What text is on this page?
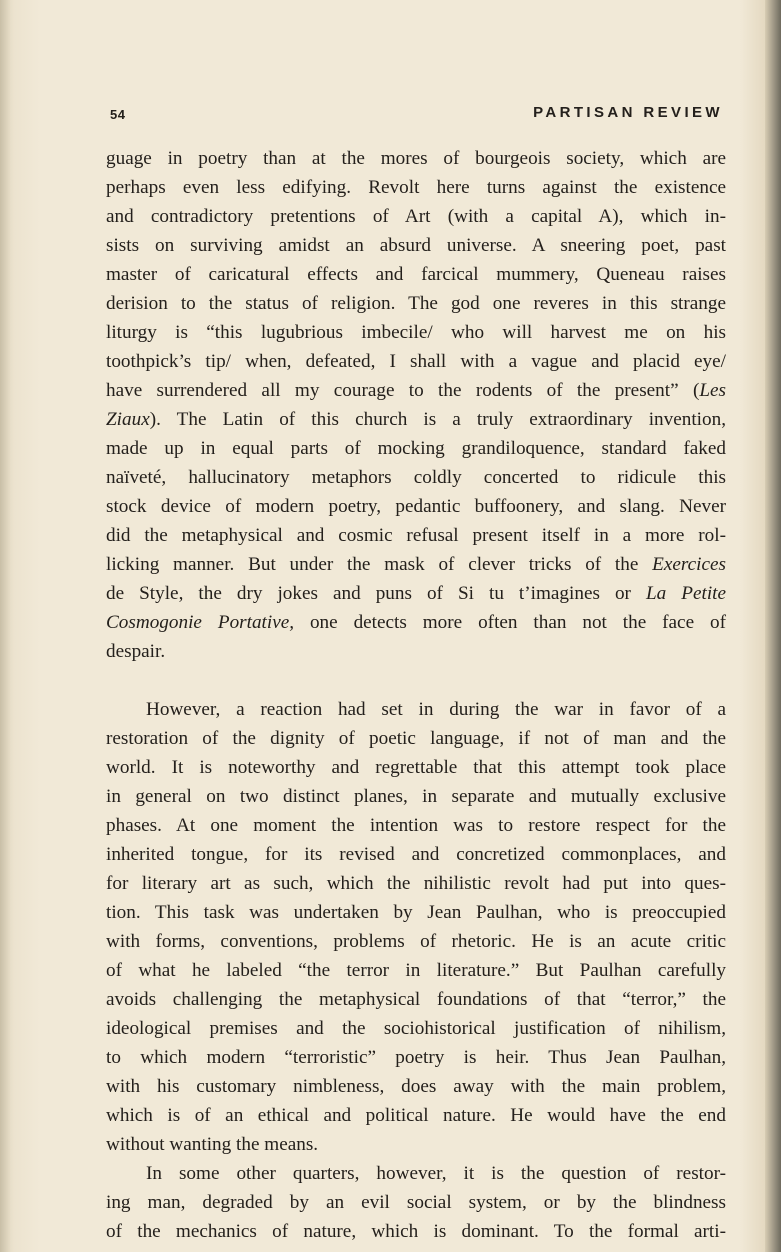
54	PARTISAN REVIEW
guage in poetry than at the mores of bourgeois society, which are
perhaps even less edifying. Revolt here turns against the existence
and contradictory pretentions of Art (with a capital A), which in-
sists on surviving amidst an absurd universe. A sneering poet, past
master of caricatural effects and farcical mummery, Queneau raises
derision to the status of religion. The god one reveres in this strange
liturgy is “this lugubrious imbecile/ who will harvest me on his
toothpick’s tip/ when, defeated, I shall with a vague and placid eye/
have surrendered all my courage to the rodents of the present” (Les
Ziaux). The Latin of this church is a truly extraordinary invention,
made up in equal parts of mocking grandiloquence, standard faked
naïveté, hallucinatory metaphors coldly concerted to ridicule this
stock device of modern poetry, pedantic buffoonery, and slang. Never
did the metaphysical and cosmic refusal present itself in a more rol-
licking manner. But under the mask of clever tricks of the Exercices
de Style, the dry jokes and puns of Si tu t’imagines or La Petite
Cosmogonie Portative, one detects more often than not the face of
despair.
However, a reaction had set in during the war in favor of a
restoration of the dignity of poetic language, if not of man and the
world. It is noteworthy and regrettable that this attempt took place
in general on two distinct planes, in separate and mutually exclusive
phases. At one moment the intention was to restore respect for the
inherited tongue, for its revised and concretized commonplaces, and
for literary art as such, which the nihilistic revolt had put into ques-
tion. This task was undertaken by Jean Paulhan, who is preoccupied
with forms, conventions, problems of rhetoric. He is an acute critic
of what he labeled “the terror in literature.” But Paulhan carefully
avoids challenging the metaphysical foundations of that “terror,” the
ideological premises and the sociohistorical justification of nihilism,
to which modern “terroristic” poetry is heir. Thus Jean Paulhan,
with his customary nimbleness, does away with the main problem,
which is of an ethical and political nature. He would have the end
without wanting the means.
In some other quarters, however, it is the question of restor-
ing man, degraded by an evil social system, or by the blindness
of the mechanics of nature, which is dominant. To the formal arti-
